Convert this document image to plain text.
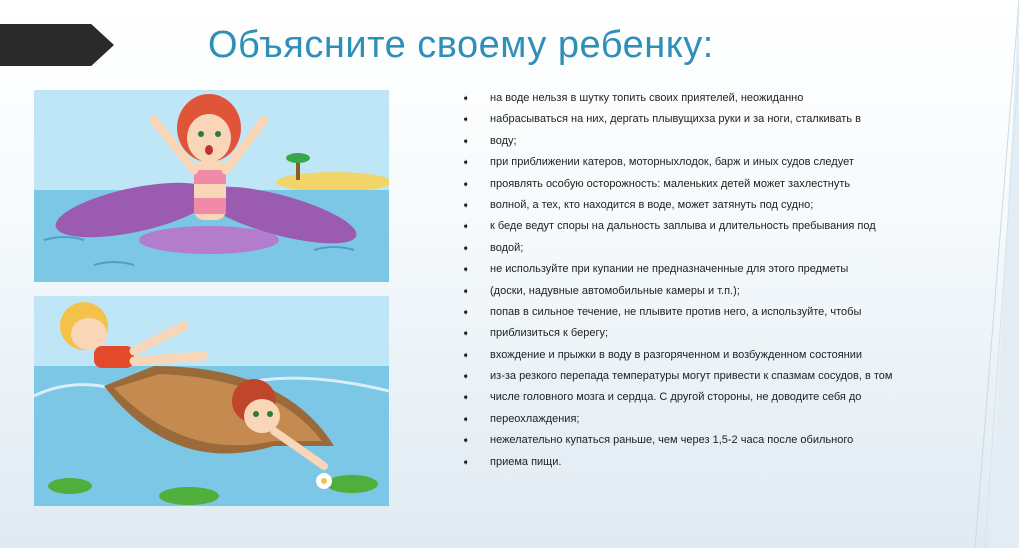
Объясните своему ребенку:
➧ на воде нельзя в шутку топить своих приятелей, неожиданно
➧ набрасываться на них, дергать плывущихза руки и за ноги, сталкивать в
➧ воду;
➧ при приближении катеров, моторныхлодок, барж и иных судов следует
➧ проявлять особую осторожность: маленьких детей может захлестнуть
➧ волной, а тех, кто находится в воде, может затянуть под судно;
➧ к беде ведут споры на дальность заплыва и длительность пребывания под
➧ водой;
➧ не используйте при купании не предназначенные для этого предметы
➧ (доски, надувные автомобильные камеры и т.п.);
➧ попав в сильное течение, не плывите против него, а используйте, чтобы
➧ приблизиться к берегу;
➧ вхождение и прыжки в воду в разгоряченном и возбужденном состоянии
➧ из-за резкого перепада температуры могут привести к спазмам сосудов, в том
➧ числе головного мозга и сердца. С другой стороны, не доводите себя до
➧ переохлаждения;
➧ нежелательно купаться раньше, чем через 1,5-2 часа после обильного
➧ приема пищи.
